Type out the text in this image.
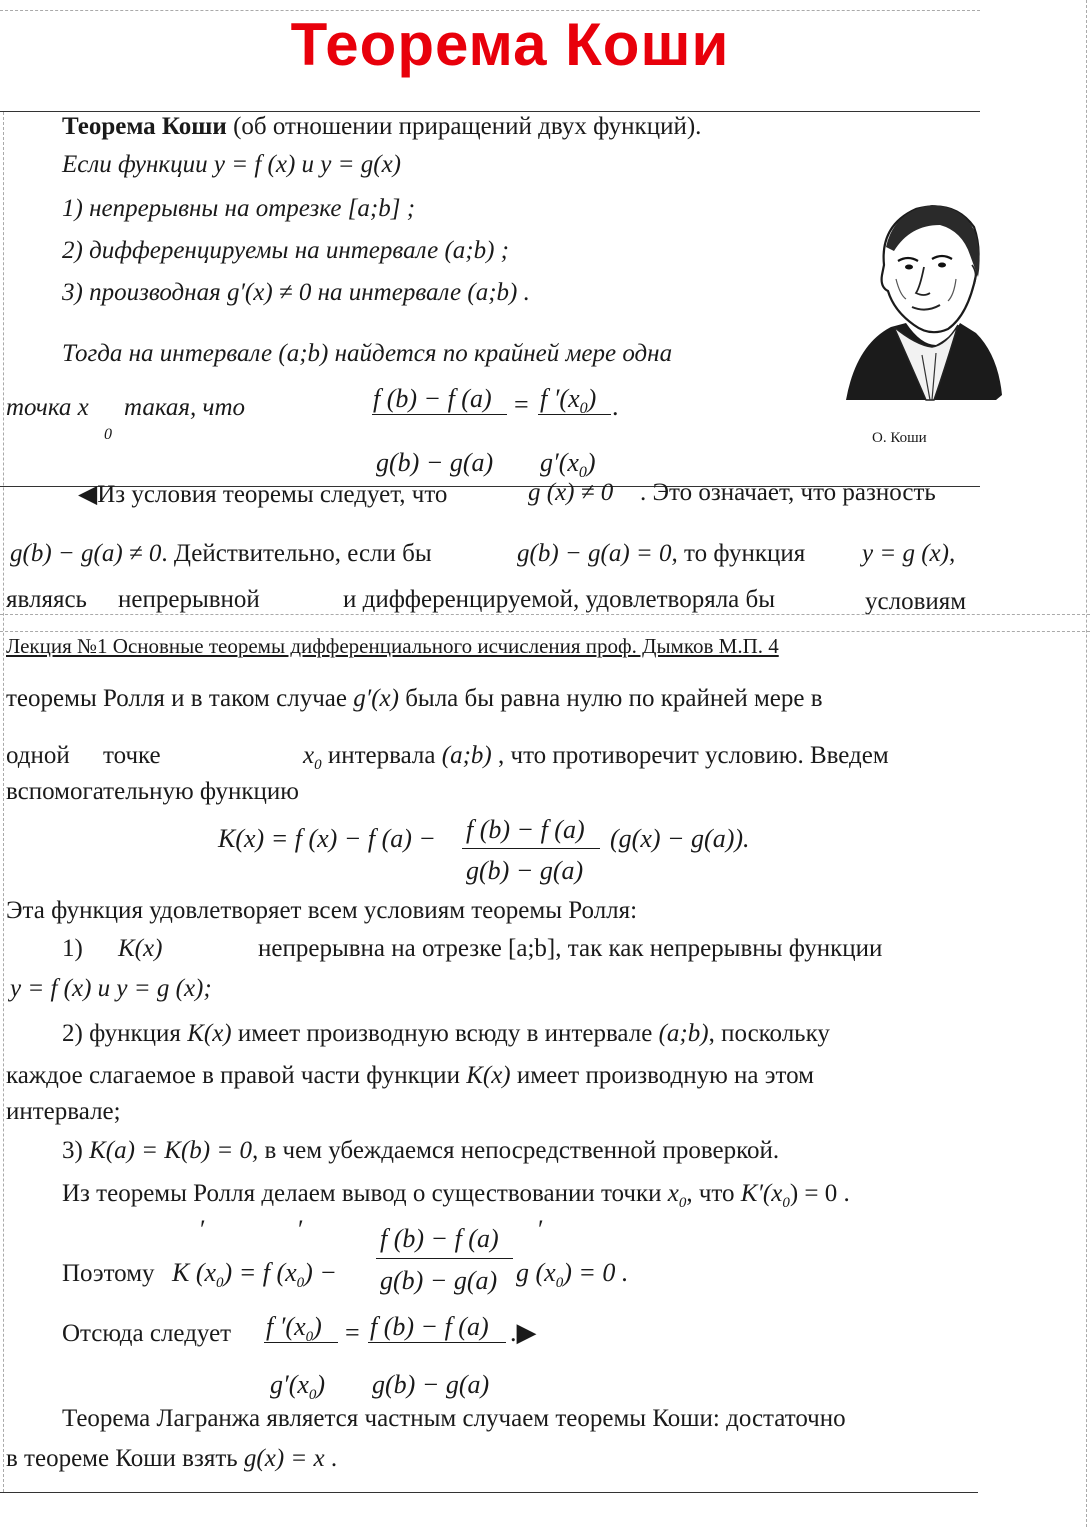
Теорема Коши
Теорема Коши (об отношении приращений двух функций).
Если функции y = f (x) и y = g(x)
1) непрерывны на отрезке [a;b] ;
2) дифференцируемы на интервале (a;b) ;
3) производная g′(x) ≠ 0 на интервале (a;b) .
Тогда на интервале (a;b) найдется по крайней мере одна
точка x
0
такая, что	f (b) − f (a) = f $'(x_0)$ .
g(b) − g(a) $g'(x_0)$
О. Коши
◀Из условия теоремы следует, что	g (x) ≠ 0 . Это означает, что разность
g(b) − g(a) ≠ 0. Действительно, если бы	g(b) − g(a) = 0, то функция y = g (x),
являясь непрерывной	и дифференцируемой, удовлетворяла бы	условиям
Лекция №1 Основные теоремы дифференциального исчисления проф. Дымков М.П. 4
теоремы Ролля и в таком случае g′(x) была бы равна нулю по крайней мере в
одной точке	$x_0$ интервала (a;b) , что противоречит условию. Введем
вспомогательную функцию
K(x) = f (x) − f (a) − f (b) − f (a)
g(b) − g(a)
(g(x) − g(a)).
Эта функция удовлетворяет всем условиям теоремы Ролля:
1) K(x)	непрерывна на отрезке [a;b], так как непрерывны функции
y = f (x) и y = g (x);
2) функция K(x) имеет производную всюду в интервале (a;b), поскольку
каждое слагаемое в правой части функции K(x) имеет производную на этом
интервале;
3) K(a) = K(b) = 0, в чем убеждаемся непосредственной проверкой.
Из теоремы Ролля делаем вывод о существовании точки $x_0$, что $K'(x_0) = 0$ .
Поэтому
′	′	′
K $(x_0) = f$ $(x_0)$ −
f (b) − f (a)
g(b) − g(a) g $(x_0) = 0$ .
Отсюда следует f $'(x_0) = f$ (b) − f (a) .▶
$g'(x_0) g(b) - g(a)$
Теорема Лагранжа является частным случаем теоремы Коши: достаточно
в теореме Коши взять g(x) = x .
